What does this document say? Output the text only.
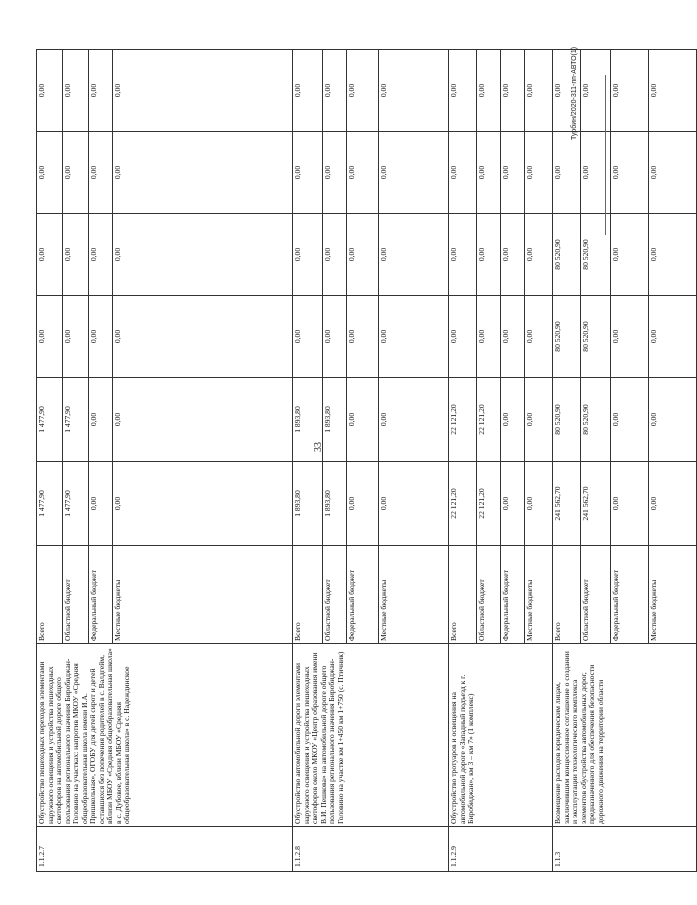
33
1.1.2.7	Обустройство пешеходных переходов элементами наружного освещения и устройства пешеходных светофоров на автомобильной дороге общего пользования регионального значения Биробиджан-Головино на участках: напротив МКОУ «Средняя общеобразовательная школа имени И.А. Пришкольная», ОГОБУ для детей сирот и детей оставшихся без попечения родителей в с. Валдгейм, вблизи МБОУ «Средняя общеобразовательная школа» в с. Дубовое, вблизи МБОУ «Средняя общеобразовательная школа» в с. Надеждинское	Всего	1 477,90	1 477,90	0,00	0,00	0,00	0,00
		Областной бюджет	1 477,90	1 477,90	0,00	0,00	0,00	0,00
		Федеральный бюджет	0,00	0,00	0,00	0,00	0,00	0,00
		Местные бюджеты	0,00	0,00	0,00	0,00	0,00	0,00
1.1.2.8	Обустройство автомобильной дороги элементами наружного освещения и устройства пешеходных светофоров около МКОУ «Центр образования имени В.И. Пешкова» на автомобильной дороге общего пользования регионального значения Биробиджан-Головино на участке км 1+450 км 1+750 (с. Птичник)	Всего	1 893,80	1 893,80	0,00	0,00	0,00	0,00
		Областной бюджет	1 893,80	1 893,80	0,00	0,00	0,00	0,00
		Федеральный бюджет	0,00	0,00	0,00	0,00	0,00	0,00
		Местные бюджеты	0,00	0,00	0,00	0,00	0,00	0,00
1.1.2.9	Обустройство тротуаров и освещения на автомобильной дороге «Западный подъезд к г. Биробиджан», км 3 – км 7» (1 комплекс)	Всего	22 121,20	22 121,20	0,00	0,00	0,00	0,00
		Областной бюджет	22 121,20	22 121,20	0,00	0,00	0,00	0,00
		Федеральный бюджет	0,00	0,00	0,00	0,00	0,00	0,00
		Местные бюджеты	0,00	0,00	0,00	0,00	0,00	0,00
1.1.3	Возмещение расходов юридическим лицам, заключившим концессионное соглашение о создании и эксплуатации технологического комплекса элементов обустройства автомобильных дорог, предназначенного для обеспечения безопасности дорожного движения на территории области	Всего	241 562,70	80 520,90	80 520,90	80 520,90	0,00	0,00
		Областной бюджет	241 562,70	80 520,90	80 520,90	80 520,90	0,00	0,00
		Федеральный бюджет	0,00	0,00	0,00	0,00	0,00	0,00
		Местные бюджеты	0,00	0,00	0,00	0,00	0,00	0,00
Турбин/2020-311-пп-АВТО(1)
